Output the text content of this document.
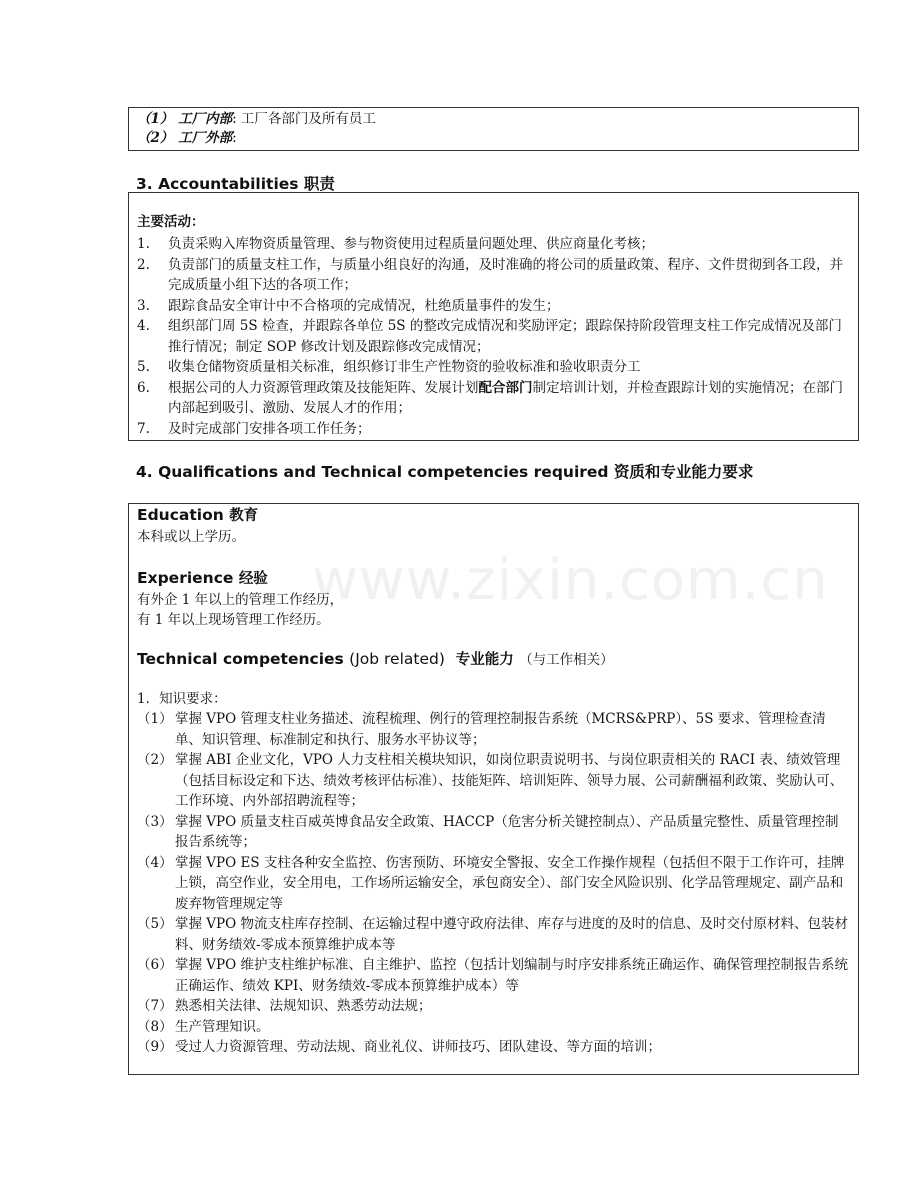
（1） 工厂内部: 工厂各部门及所有员工
（2） 工厂外部:
3. Accountabilities 职责
主要活动：
1. 负责采购入库物资质量管理、参与物资使用过程质量问题处理、供应商量化考核；
2. 负责部门的质量支柱工作，与质量小组良好的沟通，及时准确的将公司的质量政策、程序、文件贯彻到各工段，并完成质量小组下达的各项工作；
3. 跟踪食品安全审计中不合格项的完成情况，杜绝质量事件的发生；
4. 组织部门周 5S 检查，并跟踪各单位 5S 的整改完成情况和奖励评定；跟踪保持阶段管理支柱工作完成情况及部门推行情况；制定 SOP 修改计划及跟踪修改完成情况；
5. 收集仓储物资质量相关标准，组织修订非生产性物资的验收标准和验收职责分工
6. 根据公司的人力资源管理政策及技能矩阵、发展计划配合部门制定培训计划，并检查跟踪计划的实施情况；在部门内部起到吸引、激励、发展人才的作用；
7. 及时完成部门安排各项工作任务；
4. Qualifications and Technical competencies required 资质和专业能力要求
Education 教育
本科或以上学历。
Experience 经验
有外企 1 年以上的管理工作经历，
有 1 年以上现场管理工作经历。
Technical competencies (Job related) 专业能力 （与工作相关）
1．知识要求：
（1） 掌握 VPO 管理支柱业务描述、流程梳理、例行的管理控制报告系统（MCRS&PRP）、5S 要求、管理检查清单、知识管理、标准制定和执行、服务水平协议等；
（2） 掌握 ABI 企业文化，VPO 人力支柱相关模块知识，如岗位职责说明书、与岗位职责相关的 RACI 表、绩效管理（包括目标设定和下达、绩效考核评估标准）、技能矩阵、培训矩阵、领导力展、公司薪酬福利政策、奖励认可、工作环境、内外部招聘流程等；
（3） 掌握 VPO 质量支柱百威英博食品安全政策、HACCP（危害分析关键控制点）、产品质量完整性、质量管理控制报告系统等；
（4） 掌握 VPO ES 支柱各种安全监控、伤害预防、环境安全警报、安全工作操作规程（包括但不限于工作许可，挂牌上锁，高空作业，安全用电，工作场所运输安全，承包商安全）、部门安全风险识别、化学品管理规定、副产品和废弃物管理规定等
（5） 掌握 VPO 物流支柱库存控制、在运输过程中遵守政府法律、库存与进度的及时的信息、及时交付原材料、包装材料、财务绩效-零成本预算维护成本等
（6） 掌握 VPO 维护支柱维护标准、自主维护、监控（包括计划编制与时序安排系统正确运作、确保管理控制报告系统正确运作、绩效 KPI、财务绩效-零成本预算维护成本）等
（7） 熟悉相关法律、法规知识、熟悉劳动法规；
（8） 生产管理知识。
（9） 受过人力资源管理、劳动法规、商业礼仪、讲师技巧、团队建设、等方面的培训；
www.zixin.com.cn
